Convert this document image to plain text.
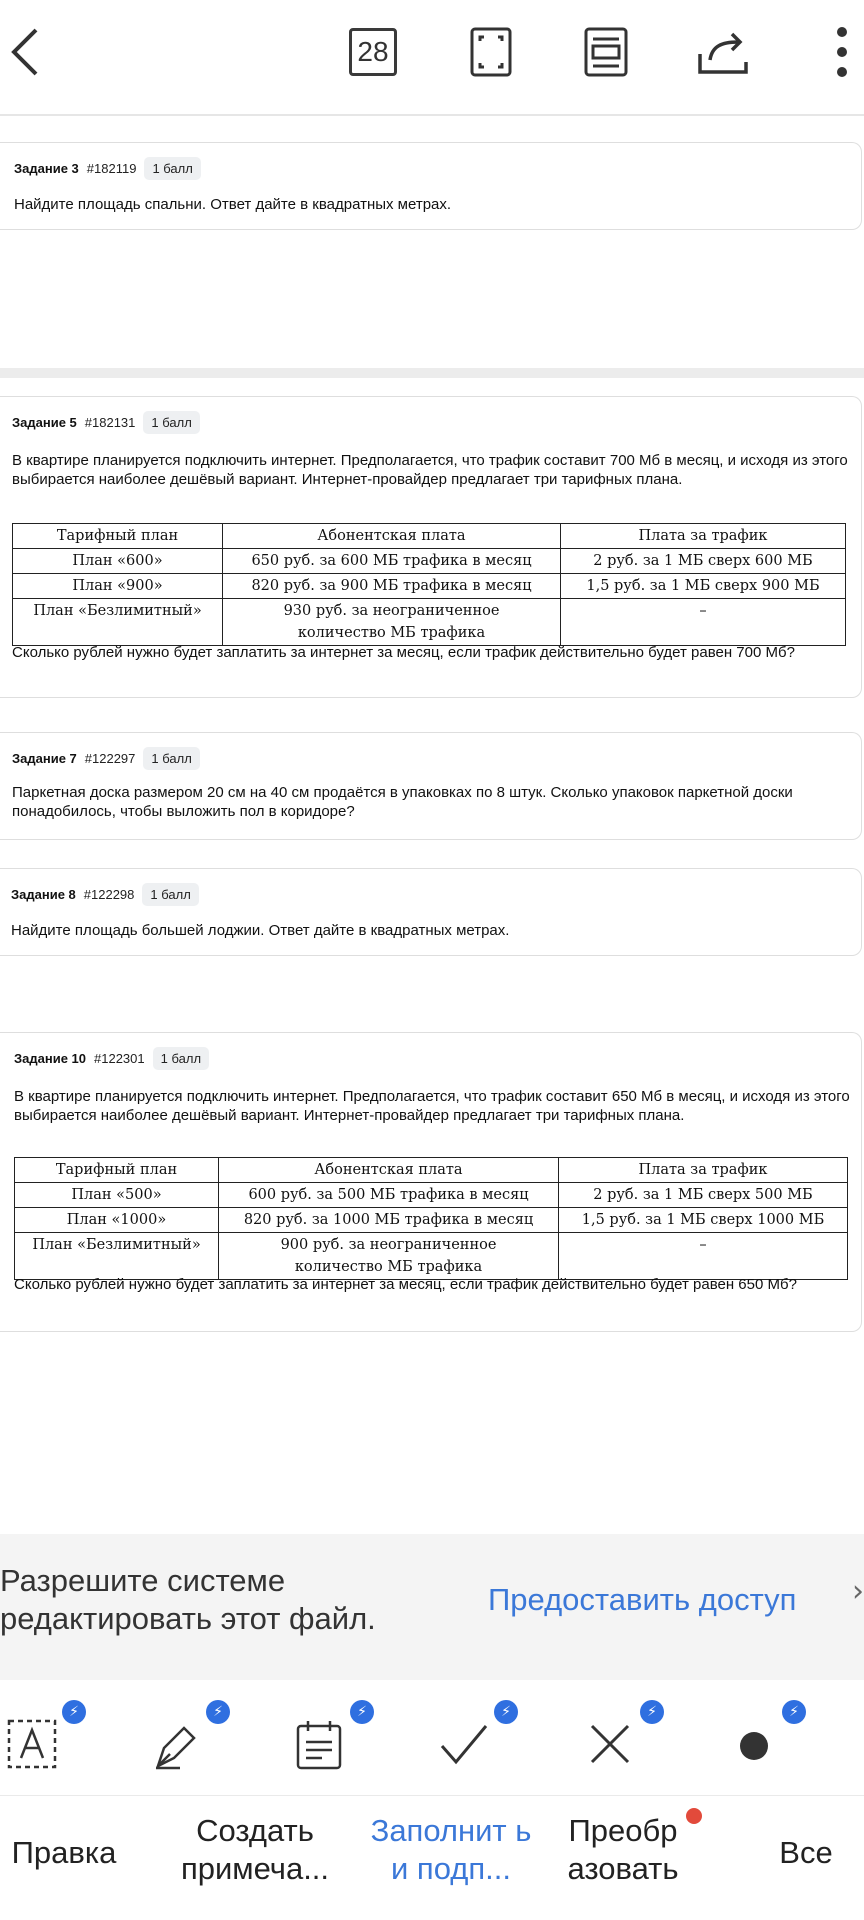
28
Задание 3 #182119	1 балл
Найдите площадь спальни. Ответ дайте в квадратных метрах.
Задание 5 #182131	1 балл
В квартире планируется подключить интернет. Предполагается, что трафик составит 700 Мб в месяц, и исходя из этого выбирается наиболее дешёвый вариант. Интернет-провайдер предлагает три тарифных плана.
Тарифный план	Абонентская плата	Плата за трафик
План «600»	650 руб. за 600 МБ трафика в месяц	2 руб. за 1 МБ сверх 600 МБ
План «900»	820 руб. за 900 МБ трафика в месяц	1,5 руб. за 1 МБ сверх 900 МБ
План «Безлимитный»	930 руб. за неограниченное количество МБ трафика	–
Сколько рублей нужно будет заплатить за интернет за месяц, если трафик действительно будет равен 700 Мб?
Задание 7 #122297	1 балл
Паркетная доска размером 20 см на 40 см продаётся в упаковках по 8 штук. Сколько упаковок паркетной доски понадобилось, чтобы выложить пол в коридоре?
Задание 8 #122298	1 балл
Найдите площадь большей лоджии. Ответ дайте в квадратных метрах.
Задание 10 #122301	1 балл
В квартире планируется подключить интернет. Предполагается, что трафик составит 650 Мб в месяц, и исходя из этого выбирается наиболее дешёвый вариант. Интернет-провайдер предлагает три тарифных плана.
Тарифный план	Абонентская плата	Плата за трафик
План «500»	600 руб. за 500 МБ трафика в месяц	2 руб. за 1 МБ сверх 500 МБ
План «1000»	820 руб. за 1000 МБ трафика в месяц	1,5 руб. за 1 МБ сверх 1000 МБ
План «Безлимитный»	900 руб. за неограниченное количество МБ трафика	–
Сколько рублей нужно будет заплатить за интернет за месяц, если трафик действительно будет равен 650 Мб?
Разрешите системе редактировать этот файл.
Предоставить доступ ›
⚡	⚡	⚡	⚡	⚡	⚡
Правка
Создать примеча...
Заполнит ь и подп...
Преобр азовать	Все
